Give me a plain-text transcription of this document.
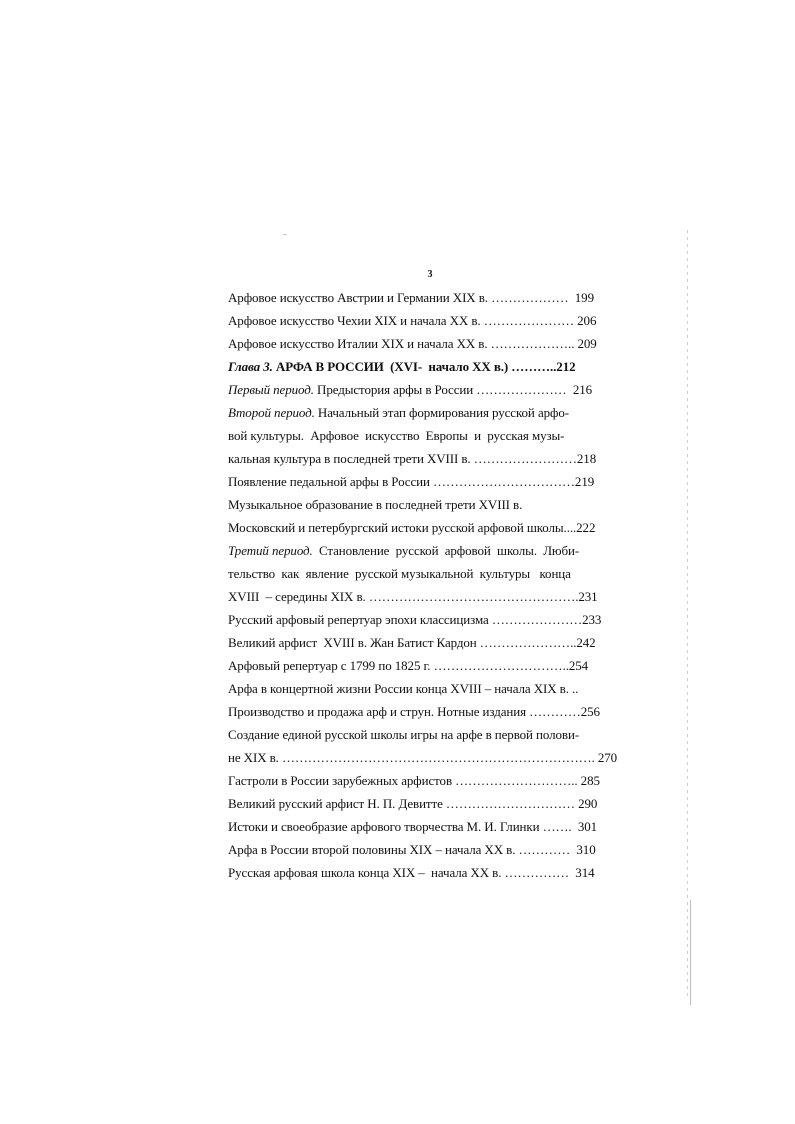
3
Арфовое искусство Австрии и Германии XIX в. ………………  199
Арфовое искусство Чехии XIX и начала XX в. ………………… 206
Арфовое искусство Италии XIX и начала XX в. ……………….. 209
Глава 3. АРФА В РОССИИ  (XVI-  начало XX в.) ………..212
Первый период. Предыстория арфы в России …………………  216
Второй период. Начальный этап формирования русской арфо-
вой культуры.  Арфовое  искусство  Европы  и  русская музы-
кальная культура в последней трети XVIII в. ……………………218
Появление педальной арфы в России ……………………………219
Музыкальное образование в последней трети XVIII в.
Московский и петербургский истоки русской арфовой школы....222
Третий период.  Становление  русской  арфовой  школы.  Люби-
тельство  как  явление  русской музыкальной  культуры   конца
XVIII  – середины XIX в. ………………………………………….231
Русский арфовый репертуар эпохи классицизма …………………233
Великий арфист  XVIII в. Жан Батист Кардон …………………..242
Арфовый репертуар с 1799 по 1825 г. …………………………..254
Арфа в концертной жизни России конца XVIII – начала XIX в. ..
Производство и продажа арф и струн. Нотные издания …………256
Создание единой русской школы игры на арфе в первой полови-
не XIX в. ………………………………………………………………. 270
Гастроли в России зарубежных арфистов ……………………….. 285
Великий русский арфист Н. П. Девитте ………………………… 290
Истоки и своеобразие арфового творчества М. И. Глинки …….  301
Арфа в России второй половины XIX – начала XX в. …………  310
Русская арфовая школа конца XIX –  начала XX в. ……………  314
